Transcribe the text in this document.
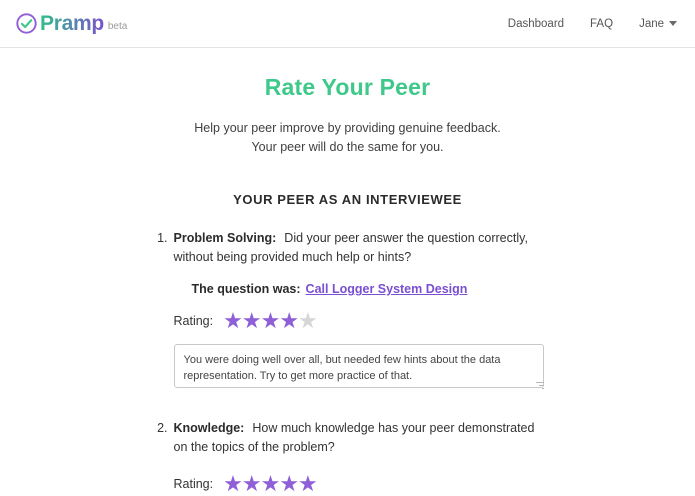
Pramp beta	Dashboard FAQ Jane
Rate Your Peer
Help your peer improve by providing genuine feedback.
Your peer will do the same for you.
YOUR PEER AS AN INTERVIEWEE
1. Problem Solving: Did your peer answer the question correctly, without being provided much help or hints?
The question was: Call Logger System Design
Rating: ★ ★ ★ ★ ★
You were doing well over all, but needed few hints about the data representation. Try to get more practice of that.
2. Knowledge: How much knowledge has your peer demonstrated on the topics of the problem?
Rating: ★ ★ ★ ★ ★
